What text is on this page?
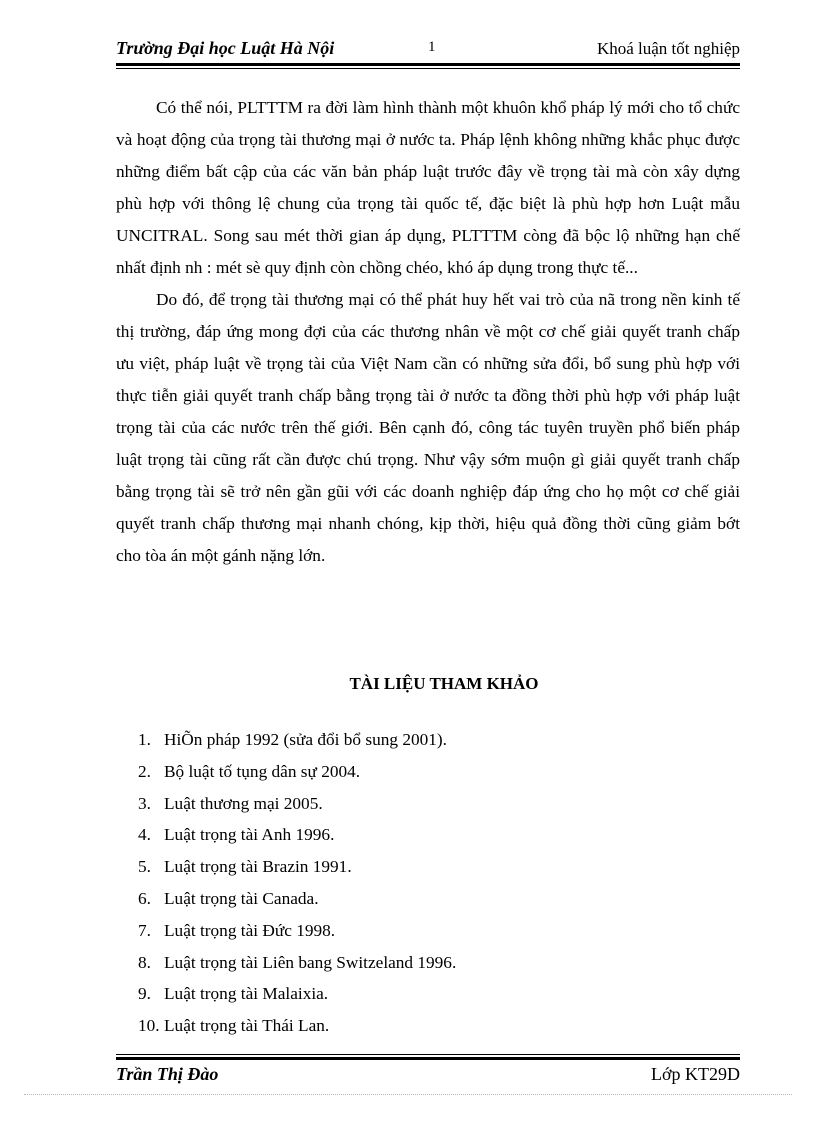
Trường Đại học Luật Hà Nội	1	Khoá luận tốt nghiệp

Có thể nói, PLTTTM ra đời làm hình thành một khuôn khổ pháp lý mới cho tổ chức và hoạt động của trọng tài thương mại ở nước ta. Pháp lệnh không những khắc phục được những điểm bất cập của các văn bản pháp luật trước đây về trọng tài mà còn xây dựng phù hợp với thông lệ chung của trọng tài quốc tế, đặc biệt là phù hợp hơn Luật mẫu UNCITRAL. Song sau mét thời gian áp dụng, PLTTTM còng đã bộc lộ những hạn chế nhất định nh : mét sè quy định còn chồng chéo, khó áp dụng trong thực tế...

Do đó, để trọng tài thương mại có thể phát huy hết vai trò của nã trong nền kinh tế thị trường, đáp ứng mong đợi của các thương nhân về một cơ chế giải quyết tranh chấp ưu việt, pháp luật về trọng tài của Việt Nam cần có những sửa đổi, bổ sung phù hợp với thực tiễn giải quyết tranh chấp bằng trọng tài ở nước ta đồng thời phù hợp với pháp luật trọng tài của các nước trên thế giới. Bên cạnh đó, công tác tuyên truyền phổ biến pháp luật trọng tài cũng rất cần được chú trọng. Như vậy sớm muộn gì giải quyết tranh chấp bằng trọng tài sẽ trở nên gần gũi với các doanh nghiệp đáp ứng cho họ một cơ chế giải quyết tranh chấp thương mại nhanh chóng, kịp thời, hiệu quả đồng thời cũng giảm bớt cho tòa án một gánh nặng lớn.

TÀI LIỆU THAM KHẢO
1. HiÕn pháp 1992 (sửa đổi bổ sung 2001).
2. Bộ luật tố tụng dân sự 2004.
3. Luật thương mại 2005.
4. Luật trọng tài Anh 1996.
5. Luật trọng tài Brazin 1991.
6. Luật trọng tài Canada.
7. Luật trọng tài Đức 1998.
8. Luật trọng tài Liên bang Switzeland 1996.
9. Luật trọng tài Malaixia.
10. Luật trọng tài Thái Lan.
Trần Thị Đào	Lớp KT29D
